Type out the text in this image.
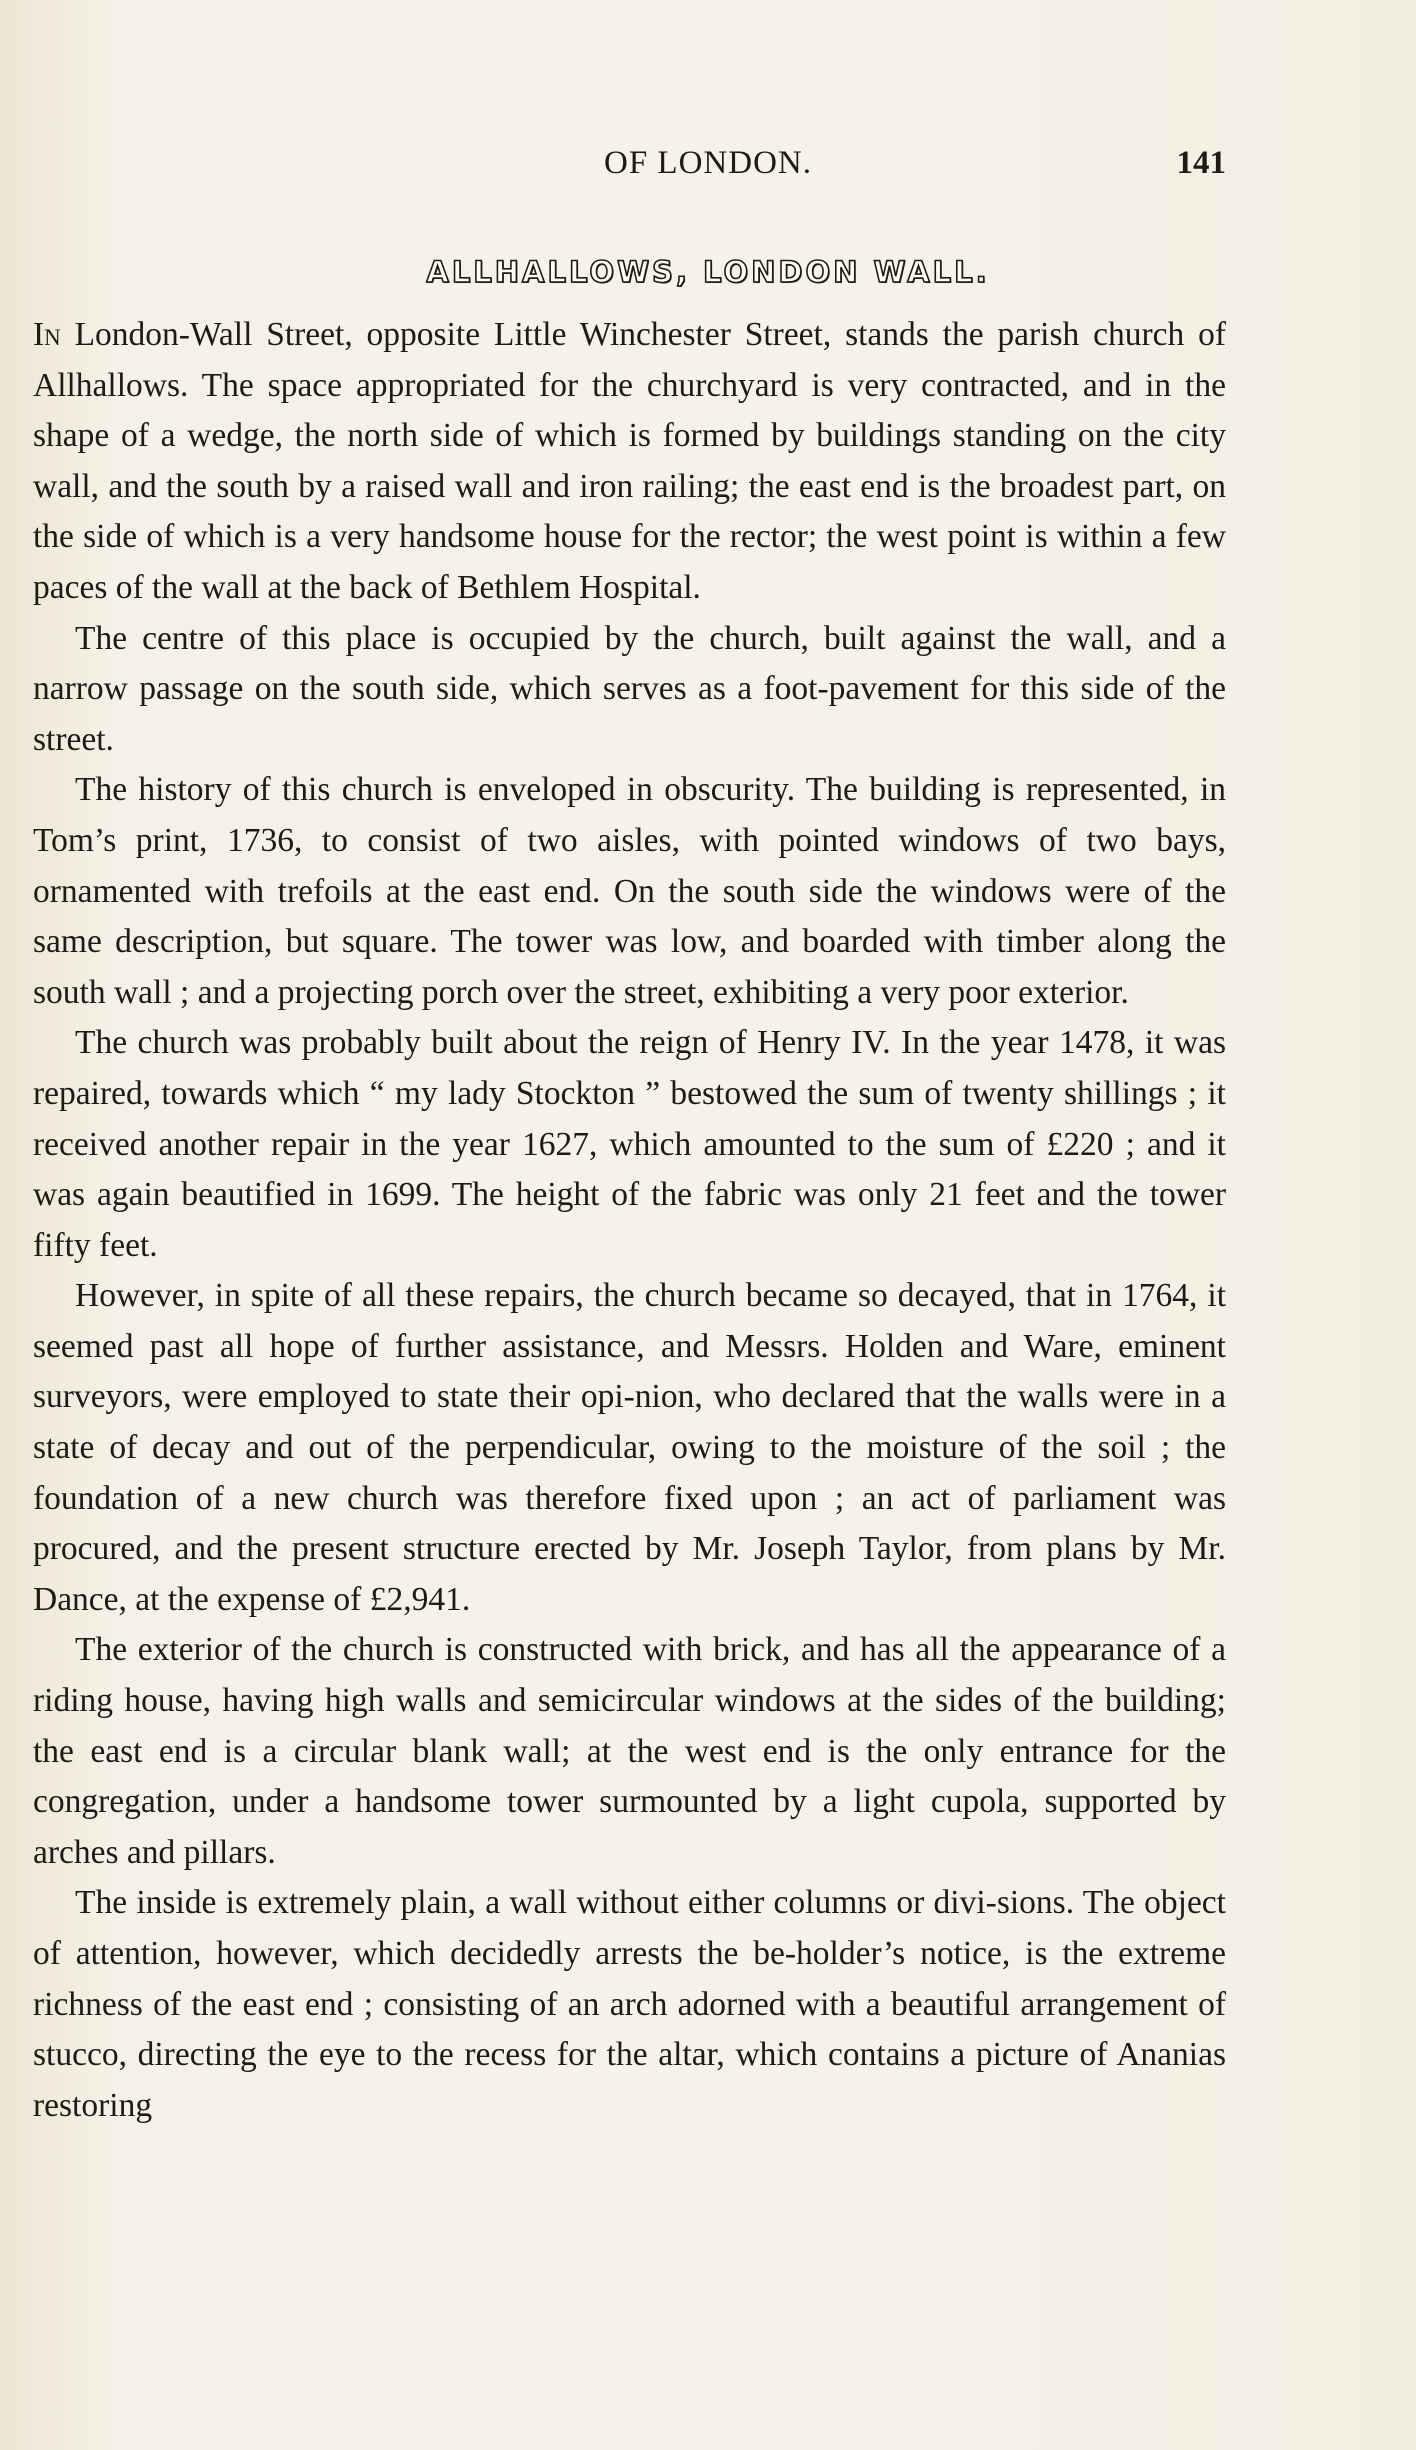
OF LONDON.	141
ALLHALLOWS, LONDON WALL.

In London-Wall Street, opposite Little Winchester Street, stands the parish church of Allhallows. The space appropriated for the churchyard is very contracted, and in the shape of a wedge, the north side of which is formed by buildings standing on the city wall, and the south by a raised wall and iron railing; the east end is the broadest part, on the side of which is a very handsome house for the rector; the west point is within a few paces of the wall at the back of Bethlem Hospital.

The centre of this place is occupied by the church, built against the wall, and a narrow passage on the south side, which serves as a foot-pavement for this side of the street.

The history of this church is enveloped in obscurity. The building is represented, in Tom’s print, 1736, to consist of two aisles, with pointed windows of two bays, ornamented with trefoils at the east end. On the south side the windows were of the same description, but square. The tower was low, and boarded with timber along the south wall ; and a projecting porch over the street, exhibiting a very poor exterior.

The church was probably built about the reign of Henry IV. In the year 1478, it was repaired, towards which “ my lady Stockton ” bestowed the sum of twenty shillings ; it received another repair in the year 1627, which amounted to the sum of £220 ; and it was again beautified in 1699. The height of the fabric was only 21 feet and the tower fifty feet.

However, in spite of all these repairs, the church became so decayed, that in 1764, it seemed past all hope of further assistance, and Messrs. Holden and Ware, eminent surveyors, were employed to state their opi-nion, who declared that the walls were in a state of decay and out of the perpendicular, owing to the moisture of the soil ; the foundation of a new church was therefore fixed upon ; an act of parliament was procured, and the present structure erected by Mr. Joseph Taylor, from plans by Mr. Dance, at the expense of £2,941.

The exterior of the church is constructed with brick, and has all the appearance of a riding house, having high walls and semicircular windows at the sides of the building; the east end is a circular blank wall; at the west end is the only entrance for the congregation, under a handsome tower surmounted by a light cupola, supported by arches and pillars.

The inside is extremely plain, a wall without either columns or divi-sions. The object of attention, however, which decidedly arrests the be-holder’s notice, is the extreme richness of the east end ; consisting of an arch adorned with a beautiful arrangement of stucco, directing the eye to the recess for the altar, which contains a picture of Ananias restoring
